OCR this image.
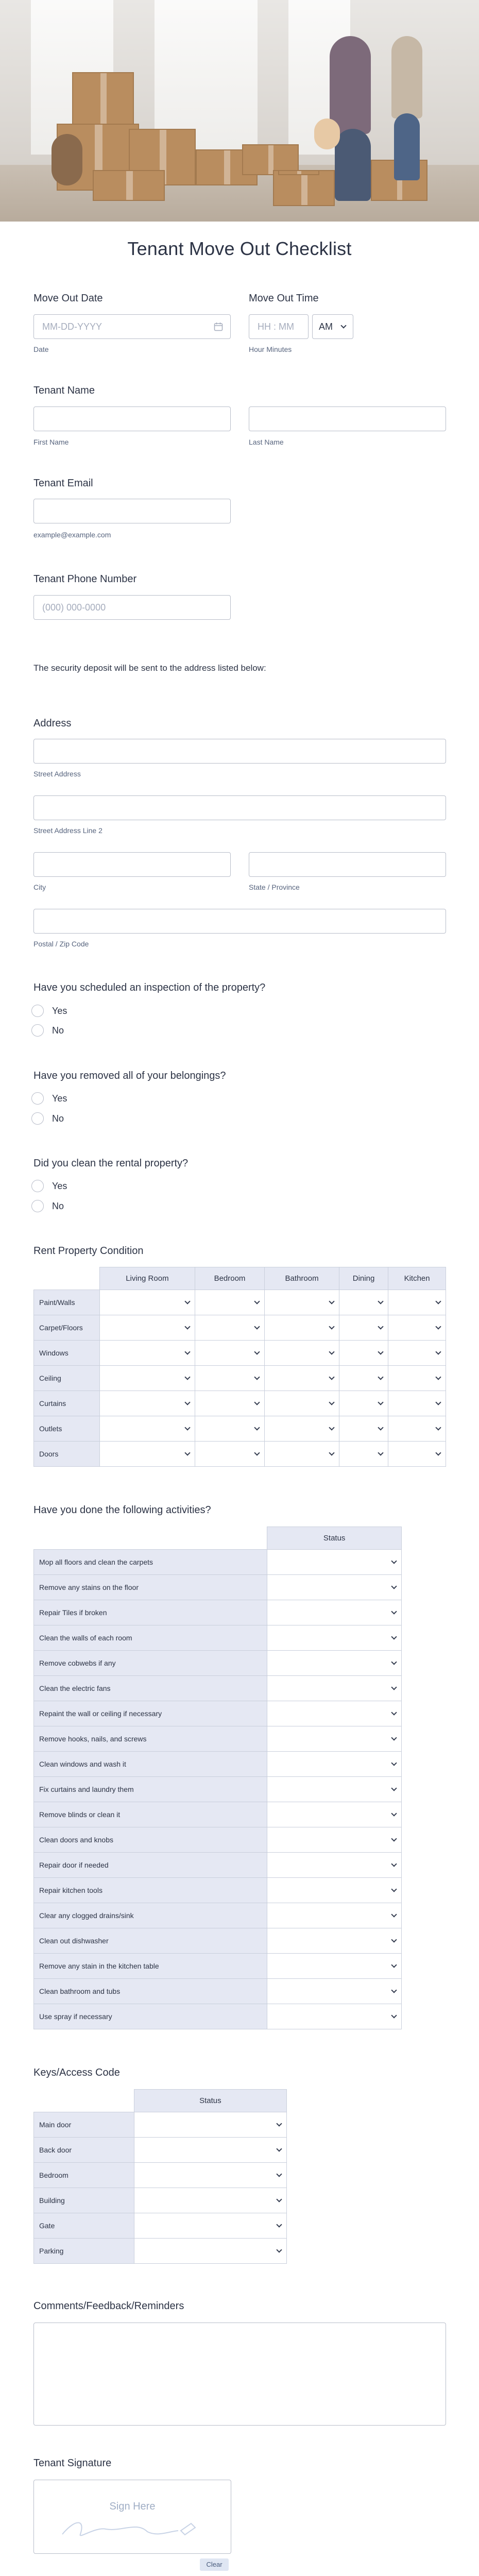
Tenant Move Out Checklist
Move Out Date
MM-DD-YYYY
Date
Move Out Time
HH : MM	AM
Hour Minutes
Tenant Name
First Name	Last Name
Tenant Email
example@example.com
Tenant Phone Number
(000) 000-0000
The security deposit will be sent to the address listed below:
Address
Street Address
Street Address Line 2
City	State / Province
Postal / Zip Code
Have you scheduled an inspection of the property?
Yes
No
Have you removed all of your belongings?
Yes
No
Did you clean the rental property?
Yes
No
Rent Property Condition
	Living Room	Bedroom	Bathroom	Dining	Kitchen
Paint/Walls	

Carpet/Floors	

Windows	

Ceiling	

Curtains	

Outlets	

Doors	

Have you done the following activities?
	Status
Mop all floors and clean the carpets	

Remove any stains on the floor	

Repair Tiles if broken	

Clean the walls of each room	

Remove cobwebs if any	

Clean the electric fans	

Repaint the wall or ceiling if necessary	

Remove hooks, nails, and screws	

Clean windows and wash it	

Fix curtains and laundry them	

Remove blinds or clean it	

Clean doors and knobs	

Repair door if needed	

Repair kitchen tools	

Clear any clogged drains/sink	

Clean out dishwasher	

Remove any stain in the kitchen table	

Clean bathroom and tubs	

Use spray if necessary	
Keys/Access Code
	Status
Main door	

Back door	

Bedroom	

Building	

Gate	

Parking	
Comments/Feedback/Reminders
Tenant Signature
Sign Here
Clear
